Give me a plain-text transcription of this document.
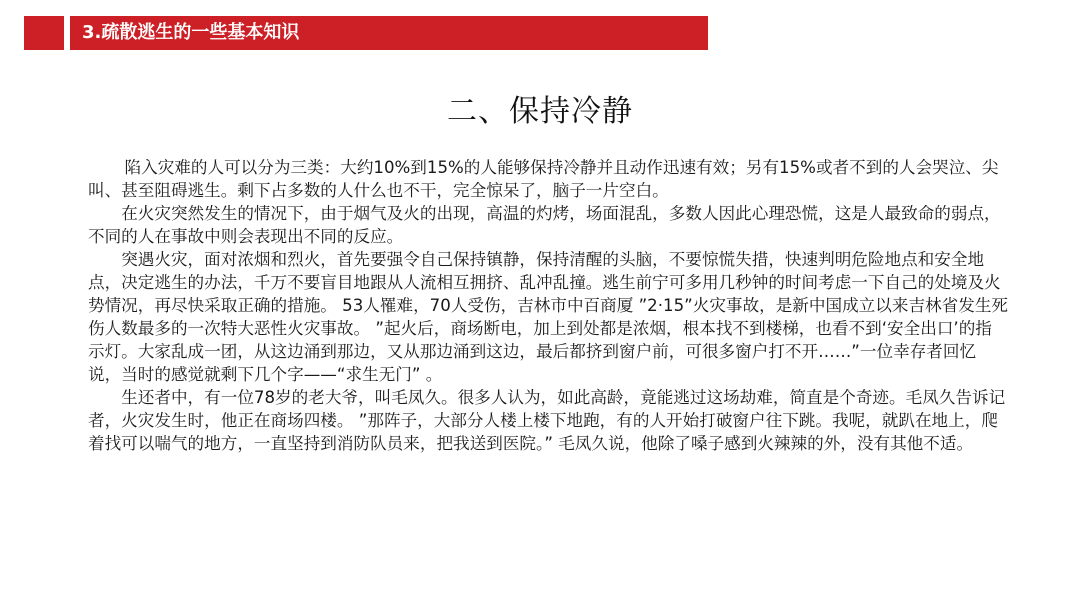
3.疏散逃生的一些基本知识
二、保持冷静

陷入灾难的人可以分为三类：大约10%到15%的人能够保持冷静并且动作迅速有效；另有15%或者不到的人会哭泣、尖叫、甚至阻碍逃生。剩下占多数的人什么也不干，完全惊呆了，脑子一片空白。

在火灾突然发生的情况下，由于烟气及火的出现，高温的灼烤，场面混乱，多数人因此心理恐慌，这是人最致命的弱点，不同的人在事故中则会表现出不同的反应。

突遇火灾，面对浓烟和烈火，首先要强令自己保持镇静，保持清醒的头脑，不要惊慌失措，快速判明危险地点和安全地点，决定逃生的办法，千万不要盲目地跟从人流相互拥挤、乱冲乱撞。逃生前宁可多用几秒钟的时间考虑一下自己的处境及火势情况，再尽快采取正确的措施。 53人罹难，70人受伤，吉林市中百商厦 ”2·15”火灾事故，是新中国成立以来吉林省发生死伤人数最多的一次特大恶性火灾事故。 ”起火后，商场断电，加上到处都是浓烟，根本找不到楼梯，也看不到‘安全出口’的指示灯。大家乱成一团，从这边涌到那边，又从那边涌到这边，最后都挤到窗户前，可很多窗户打不开……”一位幸存者回忆说，当时的感觉就剩下几个字——“求生无门” 。

生还者中，有一位78岁的老大爷，叫毛凤久。很多人认为，如此高龄，竟能逃过这场劫难，简直是个奇迹。毛凤久告诉记者，火灾发生时，他正在商场四楼。 ”那阵子，大部分人楼上楼下地跑，有的人开始打破窗户往下跳。我呢，就趴在地上，爬着找可以喘气的地方，一直坚持到消防队员来，把我送到医院。” 毛凤久说，他除了嗓子感到火辣辣的外，没有其他不适。
